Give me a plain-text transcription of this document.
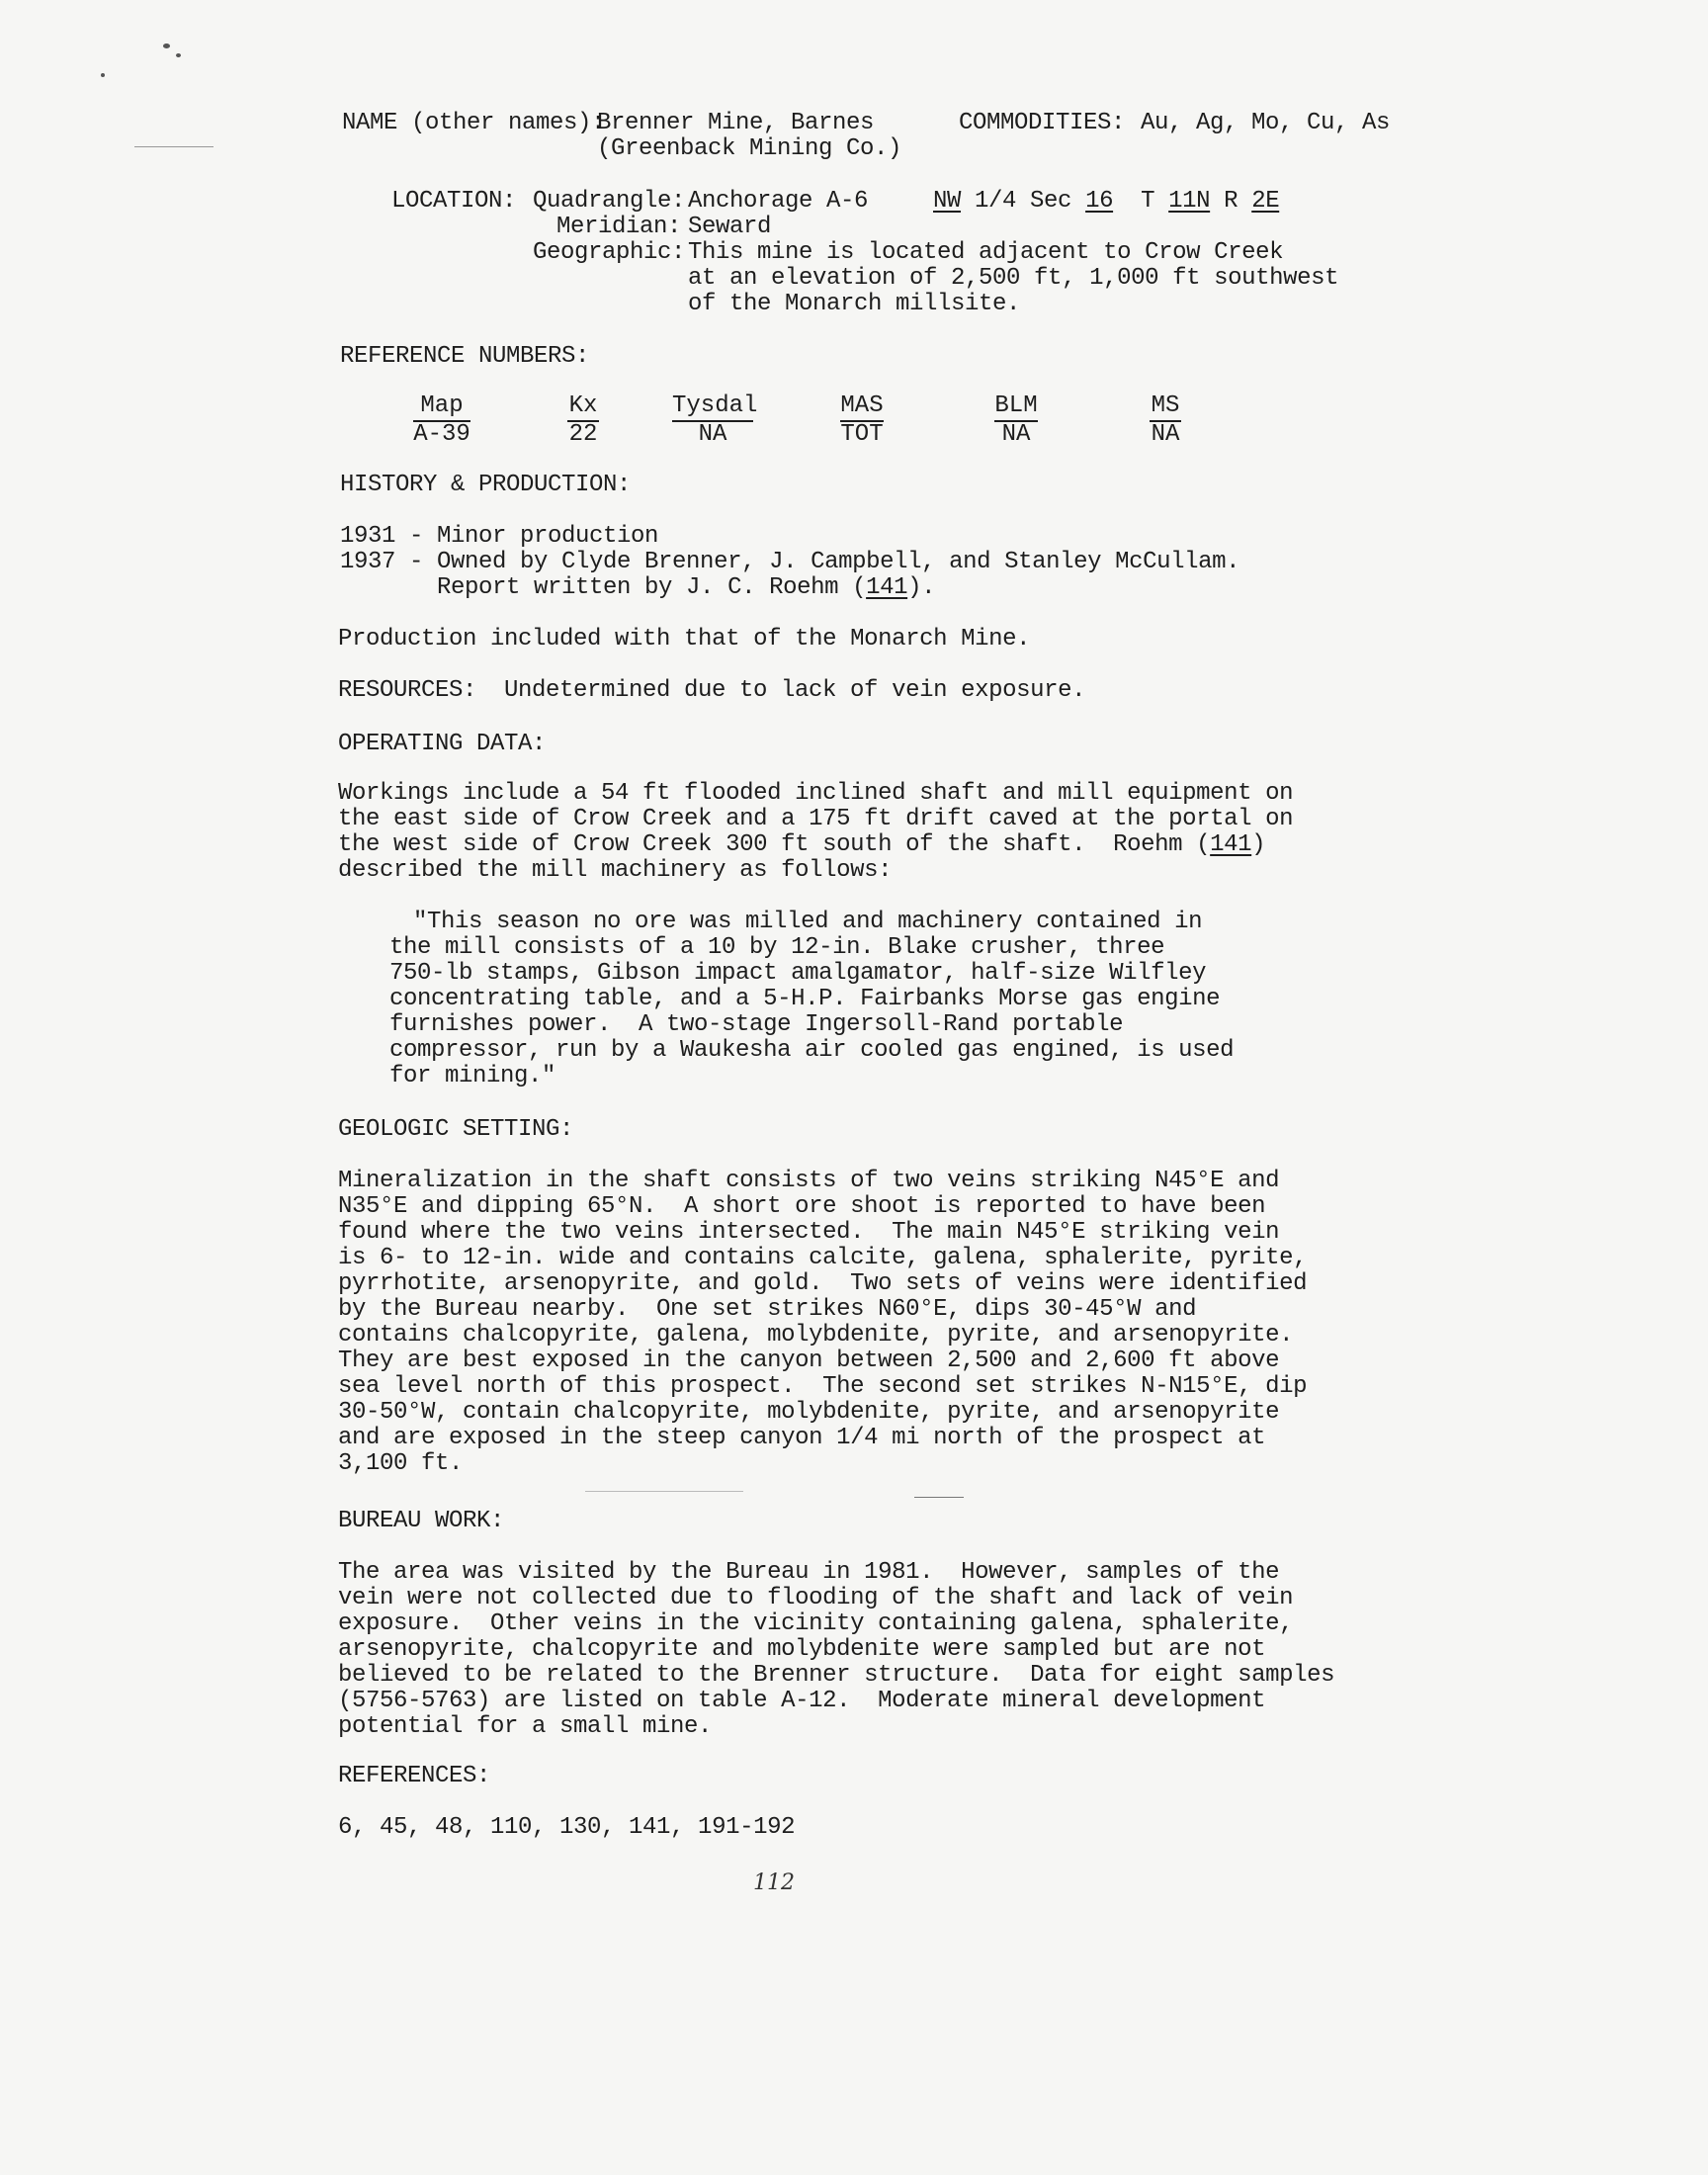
NAME (other names):
Brenner Mine, Barnes
(Greenback Mining Co.)
COMMODITIES: Au, Ag, Mo, Cu, As
LOCATION: Quadrangle: Anchorage A-6	NW 1/4 Sec 16 T 11N R 2E
Meridian: Seward
Geographic: This mine is located adjacent to Crow Creek
at an elevation of 2,500 ft, 1,000 ft southwest
of the Monarch millsite.
REFERENCE NUMBERS:
Map
A-39
Kx
22
Tysdal
NA
MAS
TOT
BLM
NA
MS
NA
HISTORY & PRODUCTION:
1931 - Minor production
1937 - Owned by Clyde Brenner, J. Campbell, and Stanley McCullam.
Report written by J. C. Roehm (141).
Production included with that of the Monarch Mine.
RESOURCES: Undetermined due to lack of vein exposure.
OPERATING DATA:
Workings include a 54 ft flooded inclined shaft and mill equipment on
the east side of Crow Creek and a 175 ft drift caved at the portal on
the west side of Crow Creek 300 ft south of the shaft.  Roehm (141)
described the mill machinery as follows:
"This season no ore was milled and machinery contained in
the mill consists of a 10 by 12-in. Blake crusher, three
750-lb stamps, Gibson impact amalgamator, half-size Wilfley
concentrating table, and a 5-H.P. Fairbanks Morse gas engine
furnishes power.  A two-stage Ingersoll-Rand portable
compressor, run by a Waukesha air cooled gas engined, is used
for mining."
GEOLOGIC SETTING:
Mineralization in the shaft consists of two veins striking N45°E and
N35°E and dipping 65°N.  A short ore shoot is reported to have been
found where the two veins intersected.  The main N45°E striking vein
is 6- to 12-in. wide and contains calcite, galena, sphalerite, pyrite,
pyrrhotite, arsenopyrite, and gold.  Two sets of veins were identified
by the Bureau nearby.  One set strikes N60°E, dips 30-45°W and
contains chalcopyrite, galena, molybdenite, pyrite, and arsenopyrite.
They are best exposed in the canyon between 2,500 and 2,600 ft above
sea level north of this prospect.  The second set strikes N-N15°E, dip
30-50°W, contain chalcopyrite, molybdenite, pyrite, and arsenopyrite
and are exposed in the steep canyon 1/4 mi north of the prospect at
3,100 ft.
BUREAU WORK:
The area was visited by the Bureau in 1981.  However, samples of the
vein were not collected due to flooding of the shaft and lack of vein
exposure.  Other veins in the vicinity containing galena, sphalerite,
arsenopyrite, chalcopyrite and molybdenite were sampled but are not
believed to be related to the Brenner structure.  Data for eight samples
(5756-5763) are listed on table A-12.  Moderate mineral development
potential for a small mine.
REFERENCES:
6, 45, 48, 110, 130, 141, 191-192
112
